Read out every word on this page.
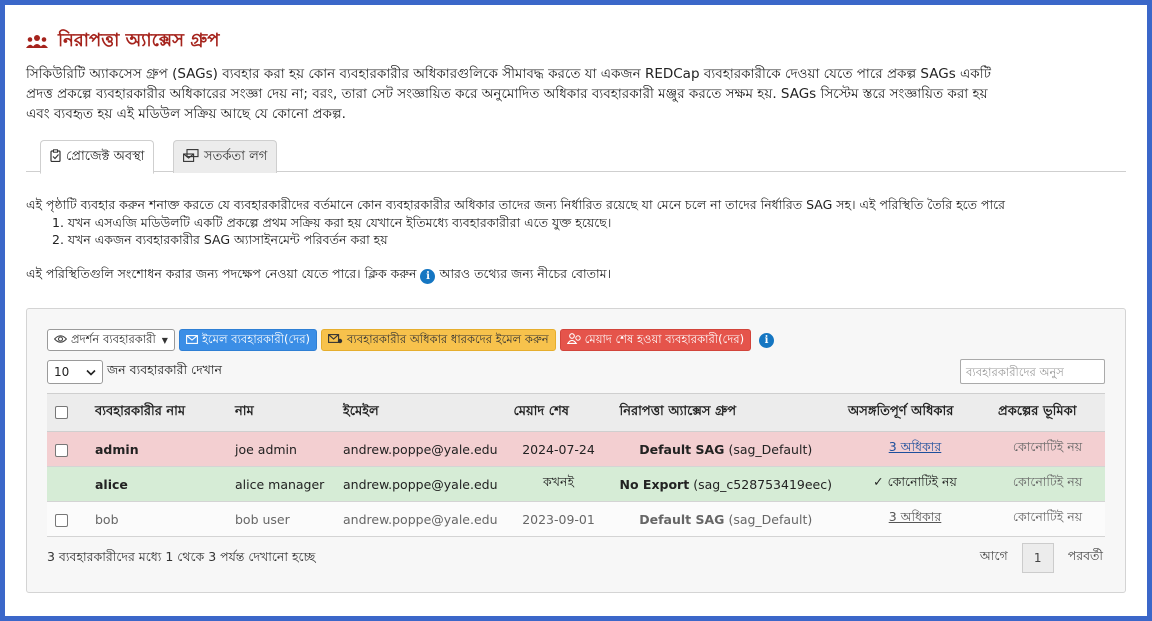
নিরাপত্তা অ্যাক্সেস গ্রুপ
সিকিউরিটি অ্যাকসেস গ্রুপ (SAGs) ব্যবহার করা হয় কোন ব্যবহারকারীর অধিকারগুলিকে সীমাবদ্ধ করতে যা একজন REDCap ব্যবহারকারীকে দেওয়া যেতে পারে প্রকল্প SAGs একটি প্রদত্ত প্রকল্পে ব্যবহারকারীর অধিকারের সংজ্ঞা দেয় না; বরং, তারা সেট সংজ্ঞায়িত করে অনুমোদিত অধিকার ব্যবহারকারী মঞ্জুর করতে সক্ষম হয়. SAGs সিস্টেম স্তরে সংজ্ঞায়িত করা হয় এবং ব্যবহৃত হয় এই মডিউল সক্রিয় আছে যে কোনো প্রকল্প.
প্রোজেক্ট অবস্থা	সতর্কতা লগ
এই পৃষ্ঠাটি ব্যবহার করুন শনাক্ত করতে যে ব্যবহারকারীদের বর্তমানে কোন ব্যবহারকারীর অধিকার তাদের জন্য নির্ধারিত রয়েছে যা মেনে চলে না তাদের নির্ধারিত SAG সহ। এই পরিস্থিতি তৈরি হতে পারে
1. যখন এসএজি মডিউলটি একটি প্রকল্পে প্রথম সক্রিয় করা হয় যেখানে ইতিমধ্যে ব্যবহারকারীরা এতে যুক্ত হয়েছে।
2. যখন একজন ব্যবহারকারীর SAG অ্যাসাইনমেন্ট পরিবর্তন করা হয়
এই পরিস্থিতিগুলি সংশোধন করার জন্য পদক্ষেপ নেওয়া যেতে পারে। ক্লিক করুন i আরও তথ্যের জন্য নীচের বোতাম।
প্রদর্শন ব্যবহারকারী ▼	ইমেল ব্যবহারকারী(দের)	ব্যবহারকারীর অধিকার ধারকদের ইমেল করুন	মেয়াদ শেষ হওয়া ব্যবহারকারী(দের)	i
10	জন ব্যবহারকারী দেখান	ব্যবহারকারীদের অনুস
	ব্যবহারকারীর নাম	নাম	ইমেইল	মেয়াদ শেষ	নিরাপত্তা অ্যাক্সেস গ্রুপ	অসঙ্গতিপূর্ণ অধিকার	প্রকল্পের ভূমিকা
	admin	joe admin	andrew.poppe@yale.edu	2024-07-24	Default SAG (sag_Default)	3 অধিকার	কোনোটিই নয়
	alice	alice manager	andrew.poppe@yale.edu	কখনই	No Export (sag_c528753419eec)	✓ কোনোটিই নয়	কোনোটিই নয়
	bob	bob user	andrew.poppe@yale.edu	2023-09-01	Default SAG (sag_Default)	3 অধিকার	কোনোটিই নয়
3 ব্যবহারকারীদের মধ্যে 1 থেকে 3 পর্যন্ত দেখানো হচ্ছে	আগে	1	পরবর্তী
